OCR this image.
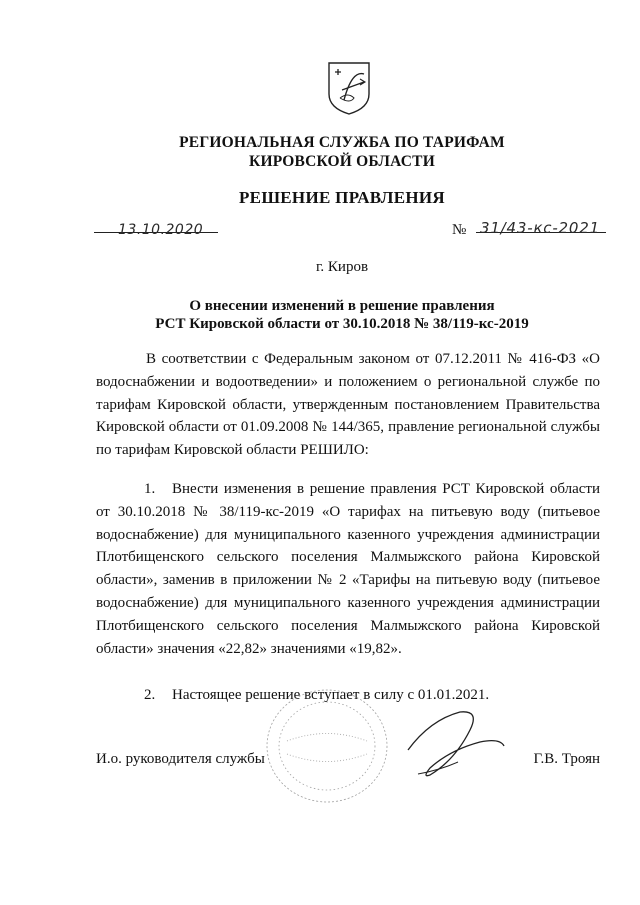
РЕГИОНАЛЬНАЯ СЛУЖБА ПО ТАРИФАМ
КИРОВСКОЙ ОБЛАСТИ
РЕШЕНИЕ ПРАВЛЕНИЯ
13.10.2020	№ 31/43-кс-2021
г. Киров
О внесении изменений в решение правления
РСТ Кировской области от 30.10.2018 № 38/119-кс-2019
В соответствии с Федеральным законом от 07.12.2011 № 416-ФЗ «О водоснабжении и водоотведении» и положением о региональной службе по тарифам Кировской области, утвержденным постановлением Правительства Кировской области от 01.09.2008 № 144/365, правление региональной службы по тарифам Кировской области РЕШИЛО:
1. Внести изменения в решение правления РСТ Кировской области от 30.10.2018 № 38/119-кс-2019 «О тарифах на питьевую воду (питьевое водоснабжение) для муниципального казенного учреждения администрации Плотбищенского сельского поселения Малмыжского района Кировской области», заменив в приложении № 2 «Тарифы на питьевую воду (питьевое водоснабжение) для муниципального казенного учреждения администрации Плотбищенского сельского поселения Малмыжского района Кировской области» значения «22,82» значениями «19,82».
2. Настоящее решение вступает в силу с 01.01.2021.
И.о. руководителя службы	Г.В. Троян
